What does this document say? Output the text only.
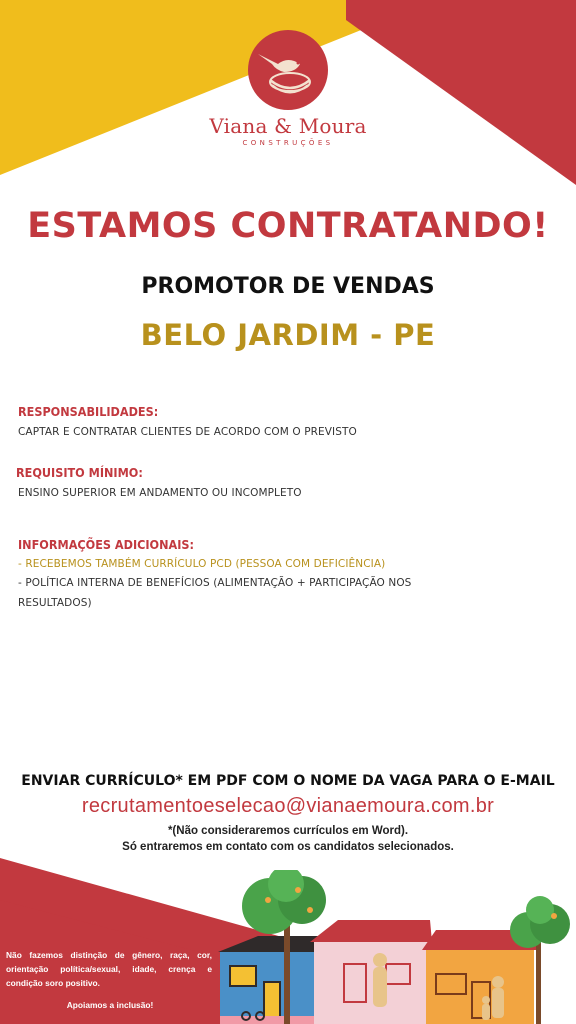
Viana & Moura
CONSTRUÇÕES
ESTAMOS CONTRATANDO!
PROMOTOR DE VENDAS
BELO JARDIM - PE
RESPONSABILIDADES:
CAPTAR E CONTRATAR CLIENTES DE ACORDO COM O PREVISTO
REQUISITO MÍNIMO:
ENSINO SUPERIOR EM ANDAMENTO OU INCOMPLETO
INFORMAÇÕES ADICIONAIS:
- RECEBEMOS TAMBÉM CURRÍCULO PCD (PESSOA COM DEFICIÊNCIA)
- POLÍTICA INTERNA DE BENEFÍCIOS (ALIMENTAÇÃO + PARTICIPAÇÃO NOS
RESULTADOS)
ENVIAR CURRÍCULO* EM PDF COM O NOME DA VAGA PARA O E-MAIL
recrutamentoeselecao@vianaemoura.com.br
*(Não consideraremos currículos em Word).
Só entraremos em contato com os candidatos selecionados.
Não fazemos distinção de gênero, raça, cor, orientação política/sexual, idade, crença e condição soro positivo.
Apoiamos a inclusão!
